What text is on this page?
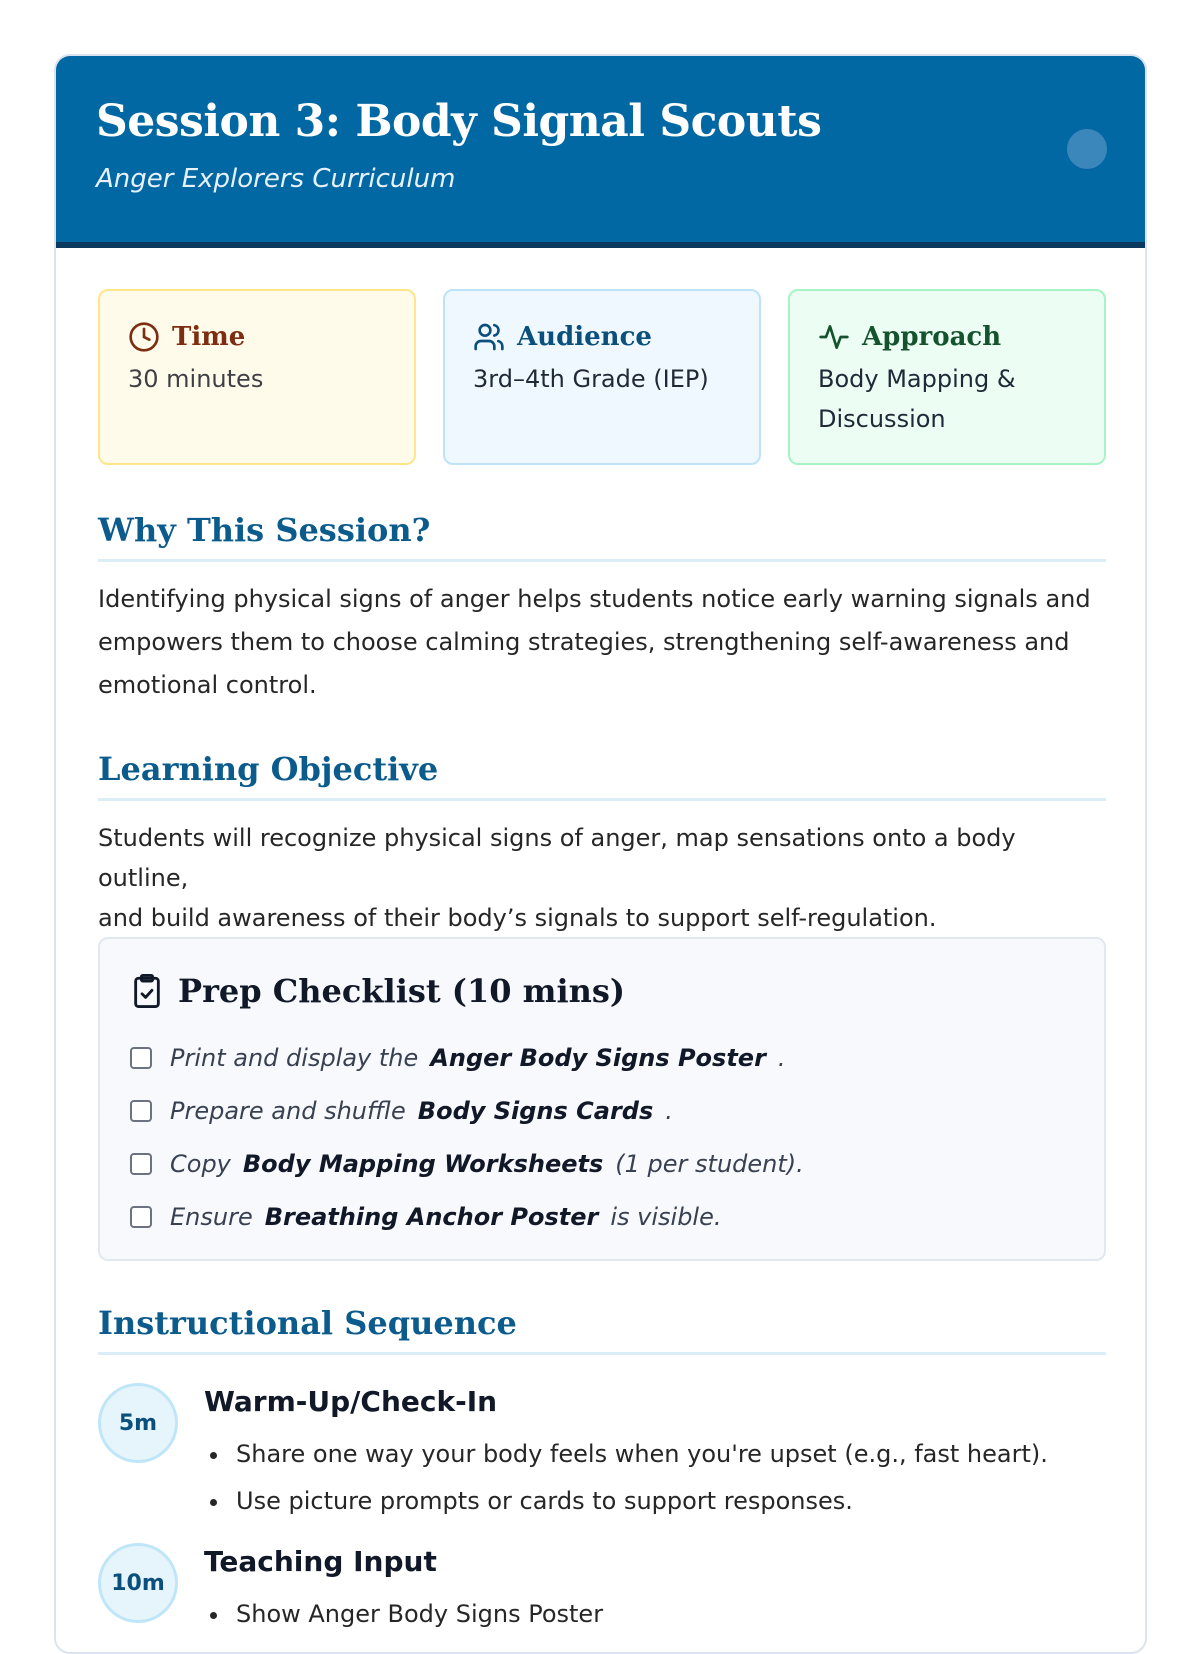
Session 3: Body Signal Scouts
Anger Explorers Curriculum
Time
30 minutes
Audience
3rd–4th Grade (IEP)
Approach
Body Mapping &
Discussion
Why This Session?
Identifying physical signs of anger helps students notice early warning signals and
empowers them to choose calming strategies, strengthening self-awareness and
emotional control.
Learning Objective
Students will recognize physical signs of anger, map sensations onto a body outline,
and build awareness of their body’s signals to support self-regulation.
Prep Checklist (10 mins)
Print and display the Anger Body Signs Poster .
Prepare and shuffle Body Signs Cards .
Copy Body Mapping Worksheets (1 per student).
Ensure Breathing Anchor Poster is visible.
Instructional Sequence
5m
Warm-Up/Check-In
Share one way your body feels when you're upset (e.g., fast heart).
Use picture prompts or cards to support responses.
10m
Teaching Input
Show Anger Body Signs Poster
